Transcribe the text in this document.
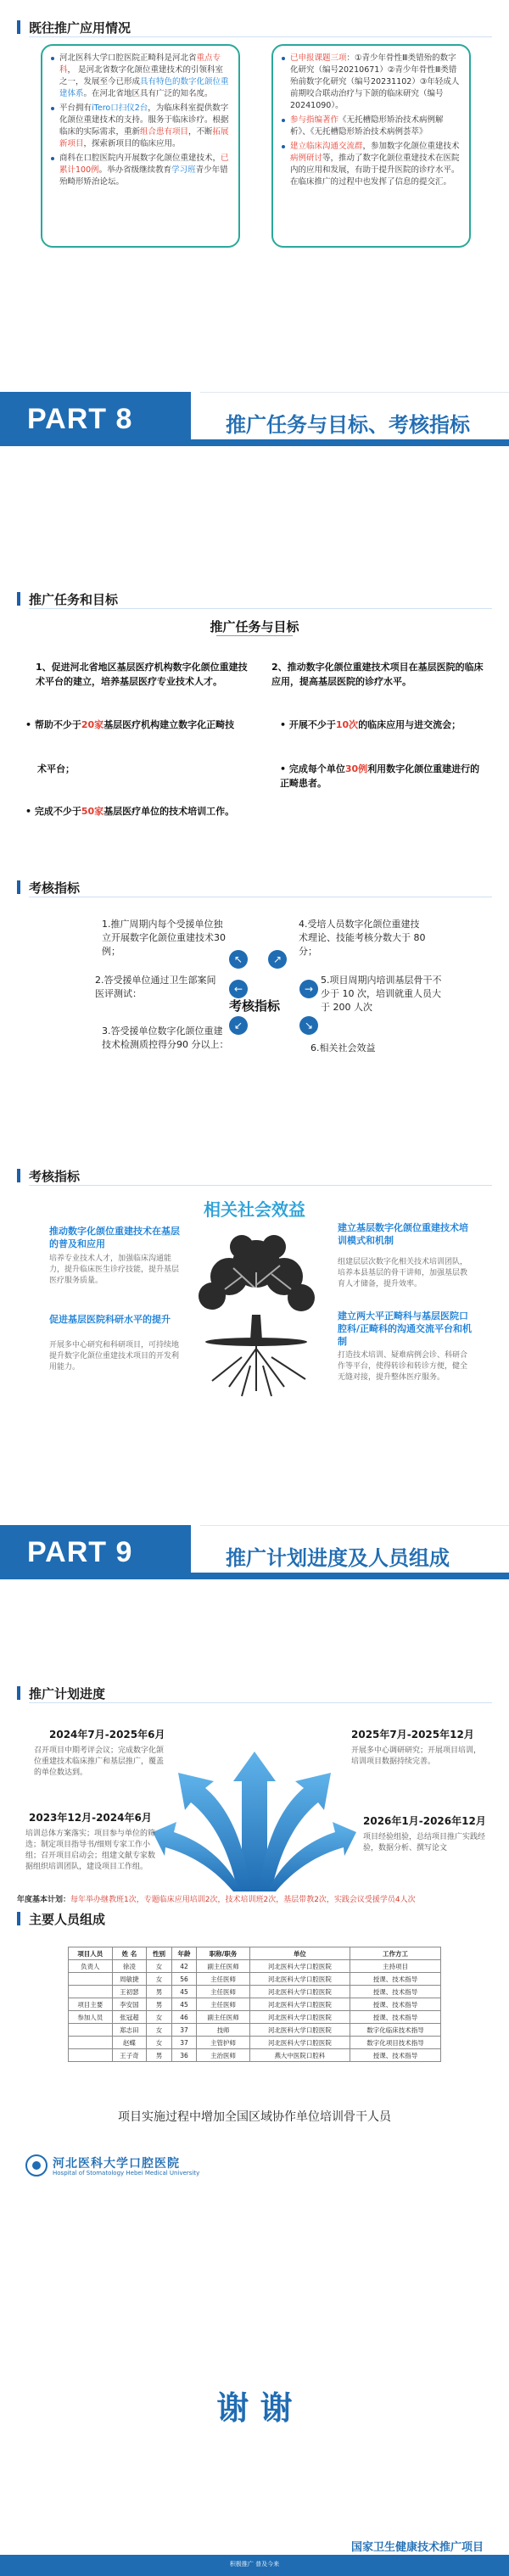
既往推广应用情况
河北医科大学口腔医院正畸科是河北省重点专科， 是河北省数字化颌位重建技术的引领科室之一，发展至今已形成具有特色的数字化颌位重建体系。在河北省地区具有广泛的知名度。
平台拥有iTero口扫仪2台，为临床科室提供数字化颌位重建技术的支持。服务于临床诊疗。根据临床的实际需求，重新组合患有项目，不断拓展新项目，探索新项目的临床应用。
商科在口腔医院内开展数字化颌位重建技术，已累计100例。举办省级继续教育学习班青少年错殆畸形矫治论坛。
已申报课题三项：①青少年骨性Ⅲ类错殆的数字化研究（编号20210671）②青少年骨性Ⅲ类错殆前数字化研究（编号20231102）③年轻成人前期咬合联动治疗与下颌的临床研究（编号20241090）。
参与指编著作《无托槽隐形矫治技术病例解析》、《无托槽隐形矫治技术病例荟萃》
建立临床沟通交流群，参加数字化颌位重建技术病例研讨等，推动了数字化颌位重建技术在医院内的应用和发展，有助于提升医院的诊疗水平。在临床推广的过程中也发挥了信息的提交汇。
PART 8	推广任务与目标、考核指标
推广任务和目标
推广任务与目标
1、促进河北省地区基层医疗机构数字化颌位重建技术平台的建立，培养基层医疗专业技术人才。
• 帮助不少于20家基层医疗机构建立数字化正畸技
术平台；
• 完成不少于50家基层医疗单位的技术培训工作。
2、推动数字化颌位重建技术项目在基层医院的临床应用，提高基层医院的诊疗水平。
• 开展不少于10次的临床应用与进交流会；
• 完成每个单位30例利用数字化颌位重建进行的正畸患者。
考核指标
1.推广周期内每个受援单位独立开展数字化颌位重建技术30例；
2.答受援单位通过卫生部案间医评测试：
3.答受援单位数字化颌位重建技术检测质控得分90 分以上：
4.受培人员数字化颌位重建技术理论、技能考核分数大于 80 分；
5.项目周期内培训基层骨干不少于 10 次，培训就重人员大于 200 人次
6.相关社会效益
↗
←
↙
→
↘
↖
考核指标
考核指标
相关社会效益
推动数字化颌位重建技术在基层的普及和应用
培养专业技术人才，加强临床沟通能力，提升临床医生诊疗技能，提升基层医疗服务质量。
促进基层医院科研水平的提升
开展多中心研究和科研项目，可持续地提升数字化颌位重建技术项目的开发利用能力。
建立基层数字化颌位重建技术培训模式和机制
组建层层次数字化相关技术培训团队，培养本县基层的骨干讲师，加强基层教育人才储备，提升效率。
建立两大平正畸科与基层医院口腔科/正畸科的沟通交流平台和机制
打造技术培训、疑难病例会诊、科研合作等平台，使得转诊和转诊方便，健全无缝对接，提升整体医疗服务。
PART 9	推广计划进度及人员组成
推广计划进度
2024年7月-2025年6月
召开项目中期考评会议；完成数字化颌位重建技术临床推广和基层推广，覆盖的单位数达到。
2023年12月-2024年6月
培训总体方案落实；项目参与单位的筛选；制定项目指导书/细则专家工作小组；召开项目启动会；组建文献专家数据组织培训团队，建设项目工作组。
2025年7月-2025年12月
开展多中心调研研究；开展项目培训，培训项目数据持续完善。
2026年1月-2026年12月
项目经验组验，总结项目推广实践经验，数据分析、撰写论文
年度基本计划：每年举办继教班1次，专题临床应用培训2次，技术培训班2次，基层带教2次，实践会议受援学员4人次
主要人员组成
项目人员	姓 名	性别	年龄	职称/职务	单位	工作方工
负责人	徐凌	女	42	副主任医师	河北医科大学口腔医院	主持项目
	周敏捷	女	56	主任医师	河北医科大学口腔医院	授课、技术指导
	王初瑟	男	45	主任医师	河北医科大学口腔医院	授课、技术指导
项目主要	李安国	男	45	主任医师	河北医科大学口腔医院	授课、技术指导
参加人员	张冠超	女	46	副主任医师	河北医科大学口腔医院	授课、技术指导
	郑志田	女	37	技师	河北医科大学口腔医院	数字化临床技术指导
	赵蝶	女	37	主管护师	河北医科大学口腔医院	数字化项目技术指导
	王子奇	男	36	主治医师	燕大中医院口腔科	授课、技术指导
项目实施过程中增加全国区域协作单位培训骨干人员
河北医科大学口腔医院
Hospital of Stomatology Hebei Medical University
谢 谢
国家卫生健康技术推广项目
积极推广 普及今来
